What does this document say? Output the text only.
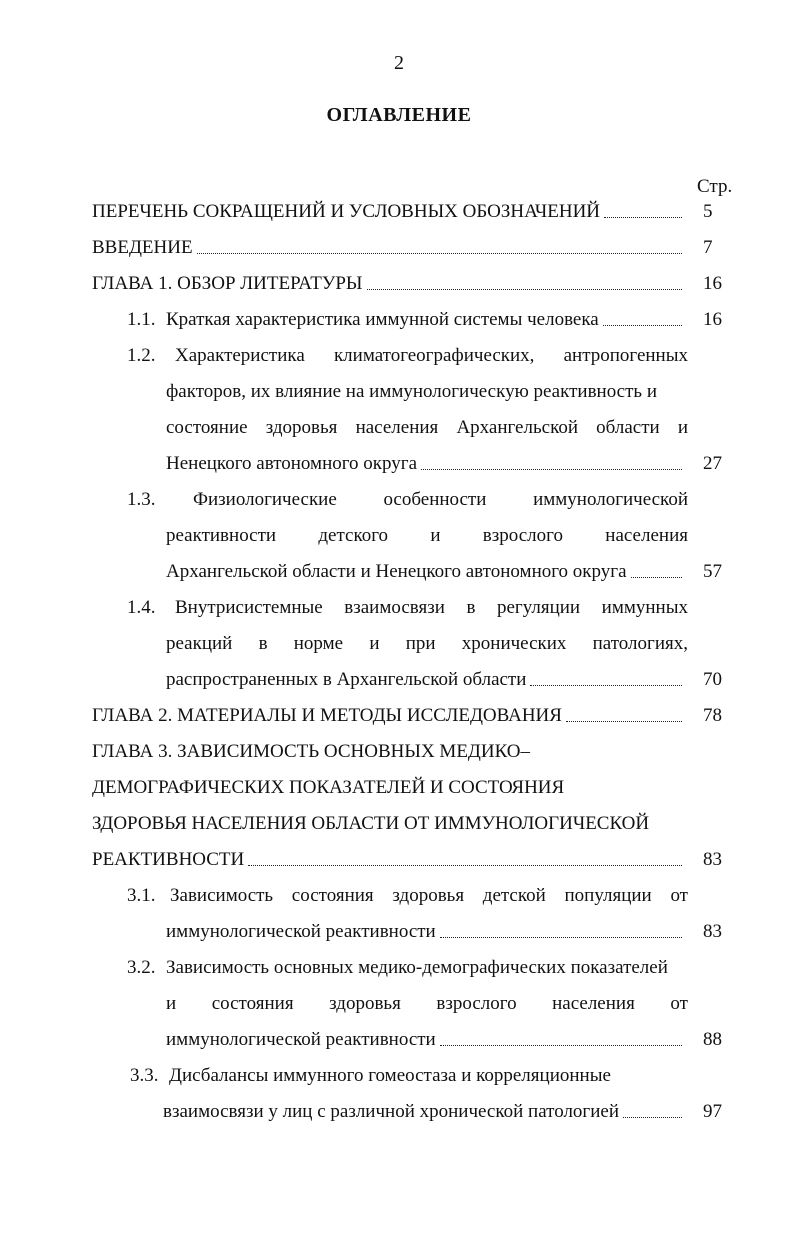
2
ОГЛАВЛЕНИЕ
Стр.
ПЕРЕЧЕНЬ СОКРАЩЕНИЙ И УСЛОВНЫХ ОБОЗНАЧЕНИЙ	5
ВВЕДЕНИЕ	7
ГЛАВА 1. ОБЗОР ЛИТЕРАТУРЫ	16
1.1. Краткая характеристика иммунной системы человека	16
1.2. Характеристика климатогеографических, антропогенных
факторов, их влияние на иммунологическую реактивность и
состояние здоровья населения Архангельской области и
Ненецкого автономного округа	27
1.3. Физиологические особенности иммунологической
реактивности детского и взрослого населения
Архангельской области и Ненецкого автономного округа	57
1.4. Внутрисистемные взаимосвязи в регуляции иммунных
реакций в норме и при хронических патологиях,
распространенных в Архангельской области	70
ГЛАВА 2. МАТЕРИАЛЫ И МЕТОДЫ ИССЛЕДОВАНИЯ	78
ГЛАВА 3. ЗАВИСИМОСТЬ ОСНОВНЫХ МЕДИКО–
ДЕМОГРАФИЧЕСКИХ ПОКАЗАТЕЛЕЙ И СОСТОЯНИЯ
ЗДОРОВЬЯ НАСЕЛЕНИЯ ОБЛАСТИ ОТ ИММУНОЛОГИЧЕСКОЙ
РЕАКТИВНОСТИ	83
3.1. Зависимость состояния здоровья детской популяции от
иммунологической реактивности	83
3.2. Зависимость основных медико-демографических показателей
и состояния здоровья взрослого населения от
иммунологической реактивности	88
3.3. Дисбалансы иммунного гомеостаза и корреляционные
взаимосвязи у лиц с различной хронической патологией	97
